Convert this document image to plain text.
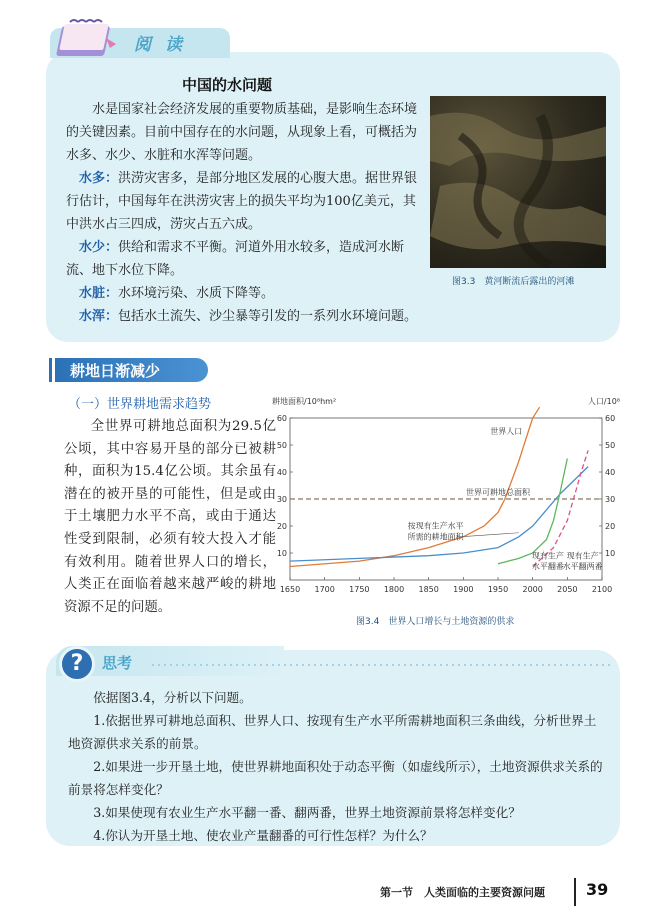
阅读
中国的水问题

水是国家社会经济发展的重要物质基础，是影响生态环境的关键因素。目前中国存在的水问题，从现象上看，可概括为水多、水少、水脏和水浑等问题。

水多：洪涝灾害多，是部分地区发展的心腹大患。据世界银行估计，中国每年在洪涝灾害上的损失平均为100亿美元，其中洪水占三四成，涝灾占五六成。

水少：供给和需求不平衡。河道外用水较多，造成河水断流、地下水位下降。

水脏：水环境污染、水质下降等。

水浑：包括水土流失、沙尘暴等引发的一系列水环境问题。

图3.3　黄河断流后露出的河滩
耕地日渐减少
（一）世界耕地需求趋势
全世界可耕地总面积为29.5亿公顷，其中容易开垦的部分已被耕种，面积为15.4亿公顷。其余虽有潜在的被开垦的可能性，但是或由于土壤肥力水平不高，或由于通达性受到限制，必须有较大投入才能有效利用。随着世界人口的增长，人类正在面临着越来越严峻的耕地资源不足的问题。
耕地面积/10⁸hm²	人口/10⁸
1650 1700 1750 1800 1850 1900 1950 2000 2050 2100
10	10
20	20
30	30
40	40
50	50
60	60
世界人口
世界可耕地总面积
按现有生产水平
所需的耕地面积
现有生产
水平翻番
现有生产
水平翻两番
图3.4　世界人口增长与土地资源的供求
?	思考

依据图3.4，分析以下问题。

1.依据世界可耕地总面积、世界人口、按现有生产水平所需耕地面积三条曲线，分析世界土地资源供求关系的前景。

2.如果进一步开垦土地，使世界耕地面积处于动态平衡（如虚线所示），土地资源供求关系的前景将怎样变化？

3.如果使现有农业生产水平翻一番、翻两番，世界土地资源前景将怎样变化？

4.你认为开垦土地、使农业产量翻番的可行性怎样？为什么？

第一节　人类面临的主要资源问题	39
